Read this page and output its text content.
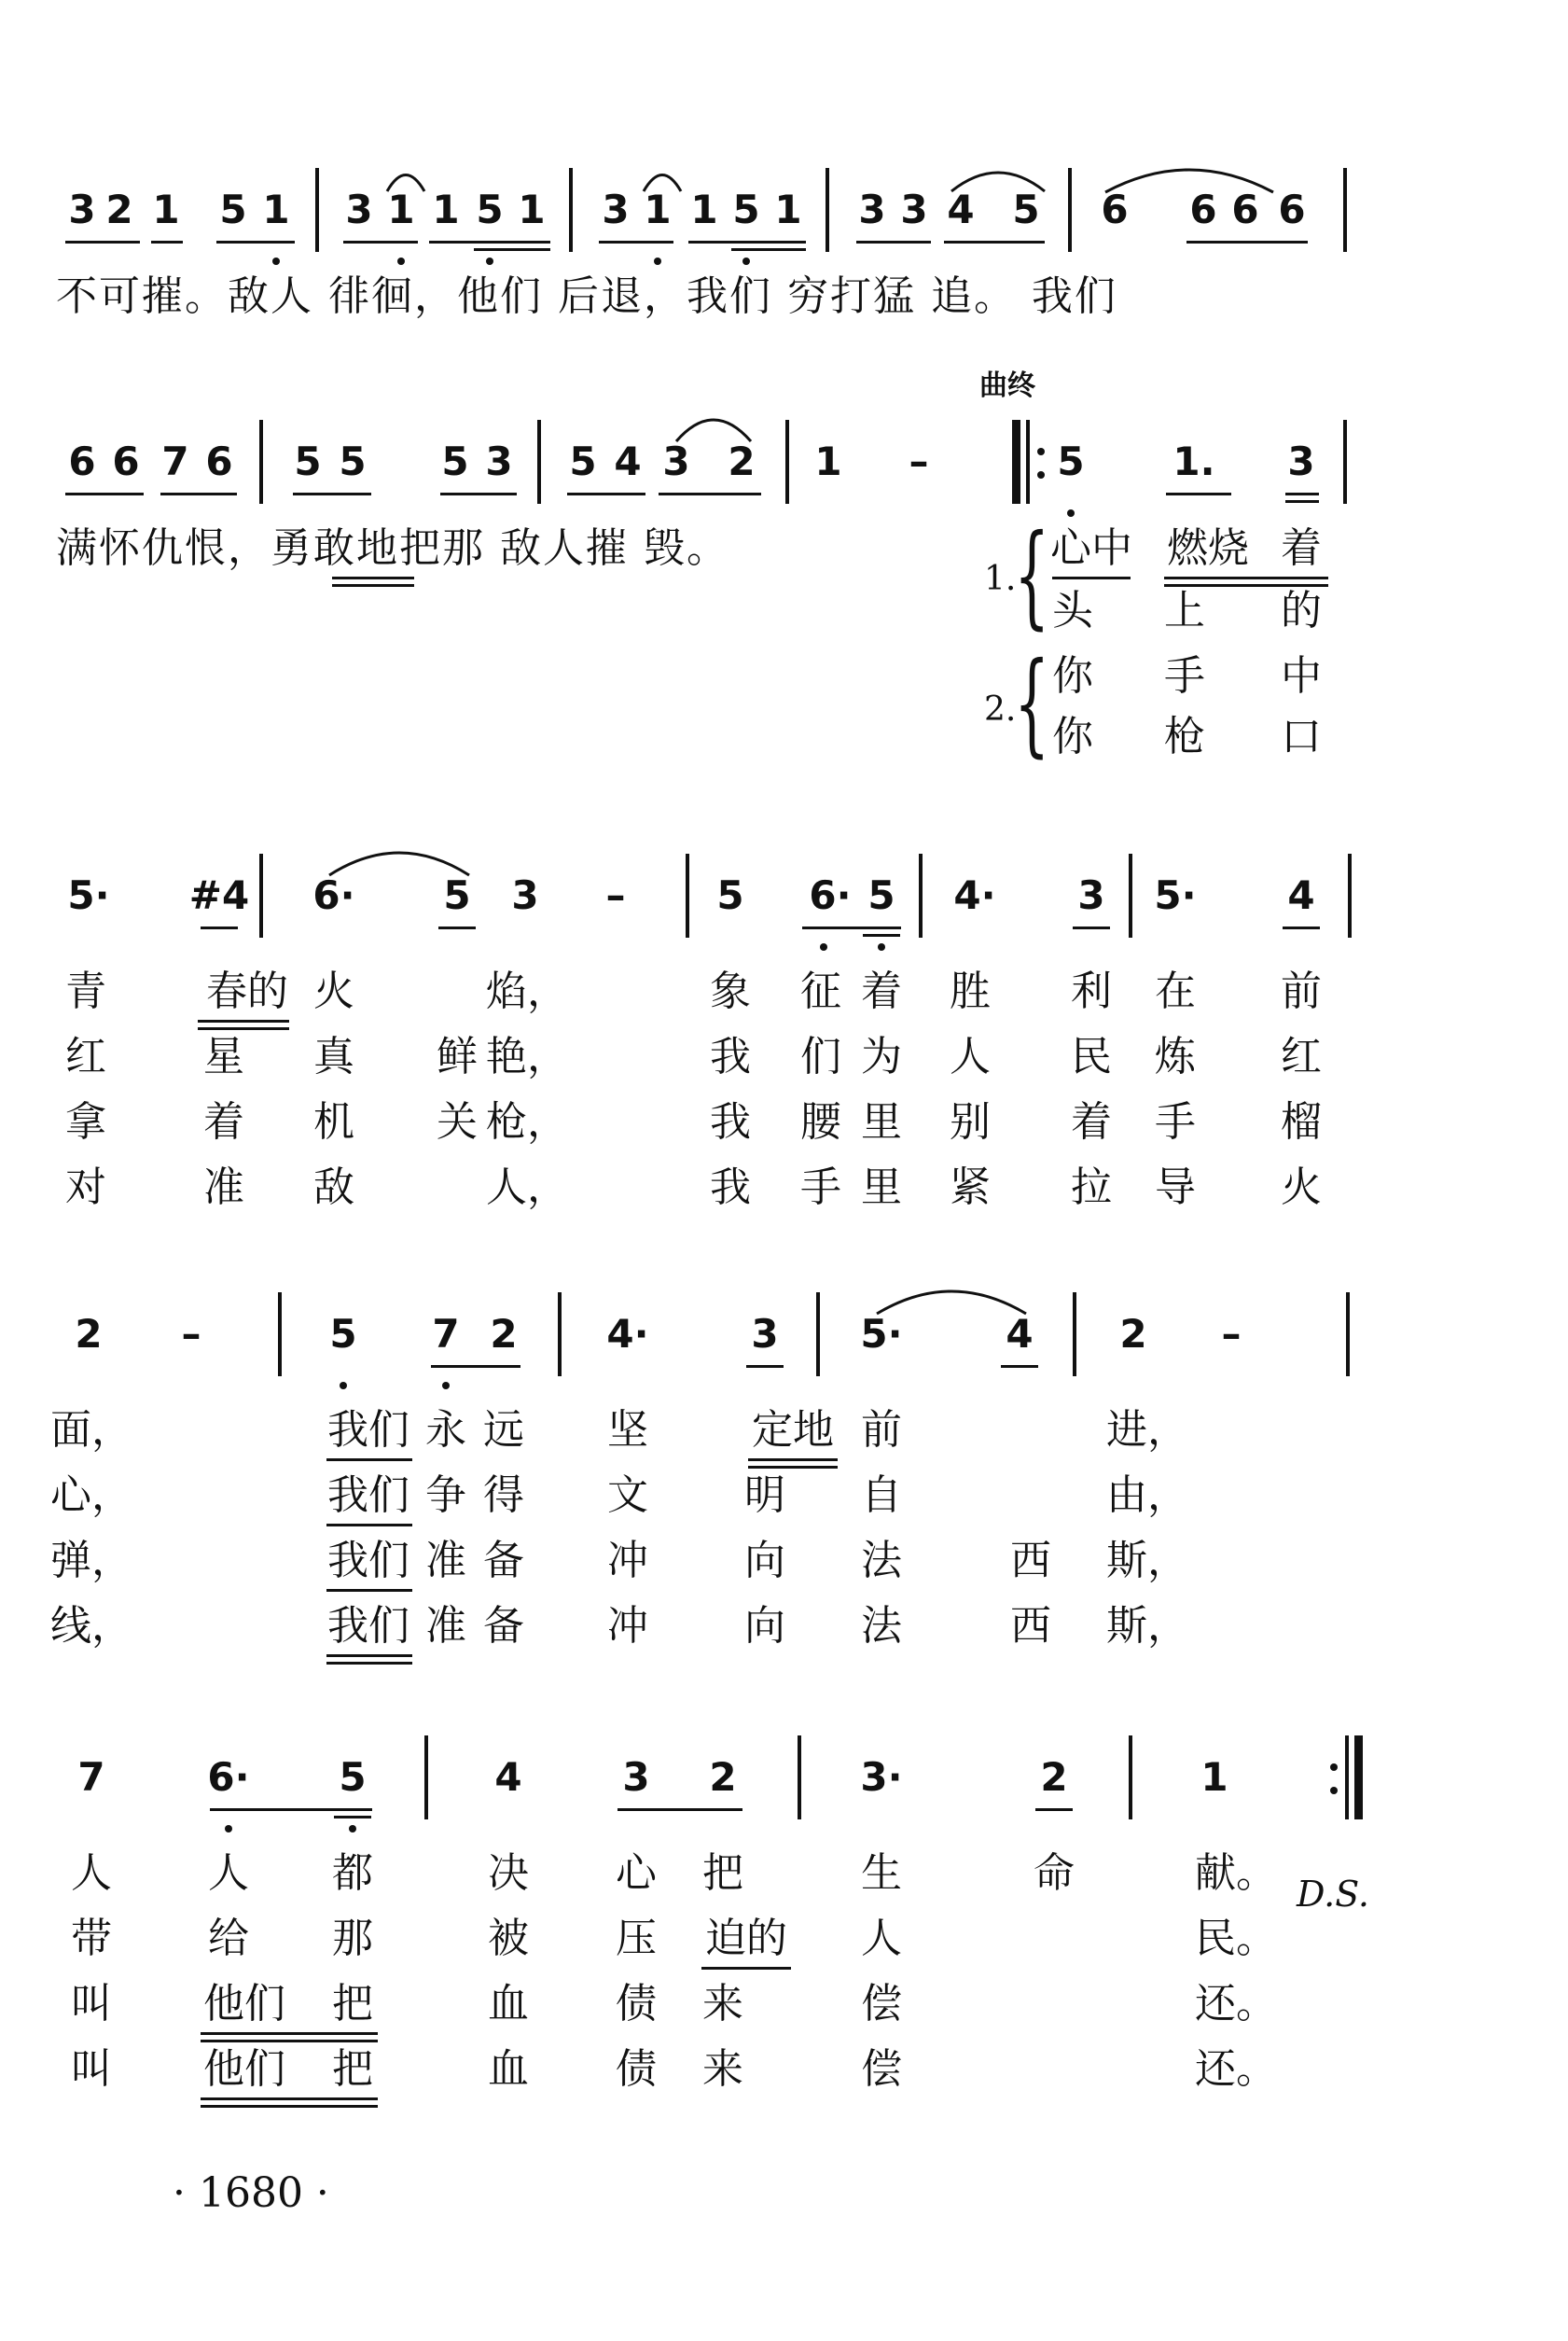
3 2 1 5 1 3 1 1 5 1 3 1 1 5 1 3 3 4 5 6 6 6 6
不可摧。敌人 徘徊，他们 后退，我们 穷打猛 追。 我们
曲终
6 6 7 6 5 5 5 3 5 4 3 2 1 –	5 1. 3
满怀仇恨，勇敢地把那 敌人摧 毁。
1.
{ 心中 燃烧 着
头 上 的
2.
{ 你 手 中
你 枪 口
5· #4 6· 5 3 – 5 6· 5 4· 3 5· 4
青 春的 火	焰，	象 征 着 胜 利 在 前
红 星 真 鲜 艳，	我 们 为 人 民 炼 红
拿 着 机 关 枪，	我 腰 里 别 着 手 榴
对 准 敌	人，	我 手 里 紧 拉 导 火
2 –	5 7 2 4·	3 5·	4 2 –
面，	我们 永 远 坚	定地 前	进，
心，	我们 争 得 文 明 自	由，
弹，	我们 准 备 冲 向 法	西 斯，
线，	我们 准 备 冲 向 法	西 斯，
7	6· 5	4	3 2	3·	2	1
D.S.
人 人 都	决 心 把	生	命	献。
带 给 那	被 压 迫的 人	民。
叫 他们 把	血 债 来	偿	还。
叫 他们 把	血 债 来	偿	还。
· 1680 ·
